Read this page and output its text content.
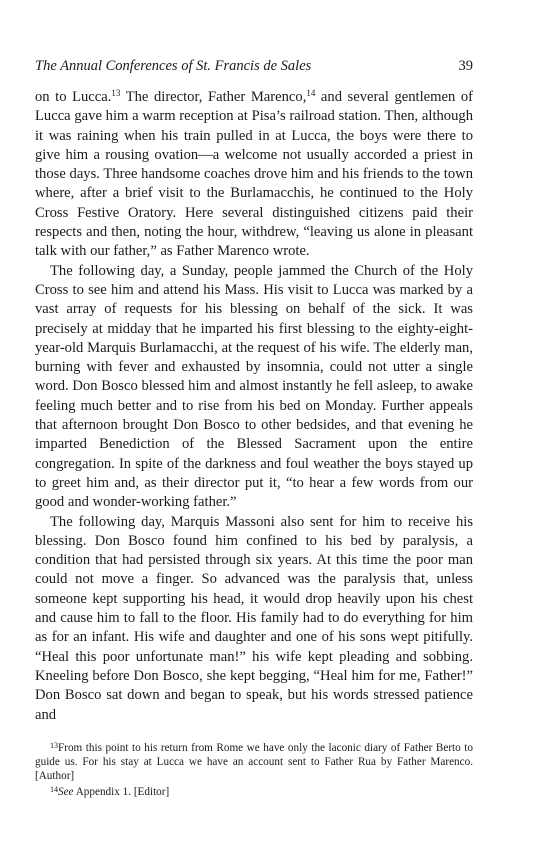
The Annual Conferences of St. Francis de Sales	39

on to Lucca.$^{13}$ The director, Father Marenco,$^{14}$ and several gentlemen of Lucca gave him a warm reception at Pisa’s railroad station. Then, although it was raining when his train pulled in at Lucca, the boys were there to give him a rousing ovation—a welcome not usually accorded a priest in those days. Three handsome coaches drove him and his friends to the town where, after a brief visit to the Burlamacchis, he continued to the Holy Cross Festive Oratory. Here several distinguished citizens paid their respects and then, noting the hour, withdrew, “leaving us alone in pleasant talk with our father,” as Father Marenco wrote.

The following day, a Sunday, people jammed the Church of the Holy Cross to see him and attend his Mass. His visit to Lucca was marked by a vast array of requests for his blessing on behalf of the sick. It was precisely at midday that he imparted his first blessing to the eighty-eight-year-old Marquis Burlamacchi, at the request of his wife. The elderly man, burning with fever and exhausted by insomnia, could not utter a single word. Don Bosco blessed him and almost instantly he fell asleep, to awake feeling much better and to rise from his bed on Monday. Further appeals that afternoon brought Don Bosco to other bedsides, and that evening he imparted Benediction of the Blessed Sacrament upon the entire congregation. In spite of the darkness and foul weather the boys stayed up to greet him and, as their director put it, “to hear a few words from our good and wonder-working father.”

The following day, Marquis Massoni also sent for him to receive his blessing. Don Bosco found him confined to his bed by paralysis, a condition that had persisted through six years. At this time the poor man could not move a finger. So advanced was the paralysis that, unless someone kept supporting his head, it would drop heavily upon his chest and cause him to fall to the floor. His family had to do everything for him as for an infant. His wife and daughter and one of his sons wept pitifully. “Heal this poor unfortunate man!” his wife kept pleading and sobbing. Kneeling before Don Bosco, she kept begging, “Heal him for me, Father!” Don Bosco sat down and began to speak, but his words stressed patience and

$^{13}$From this point to his return from Rome we have only the laconic diary of Father Berto to guide us. For his stay at Lucca we have an account sent to Father Rua by Father Marenco. [Author]

$^{14}$See Appendix 1. [Editor]
